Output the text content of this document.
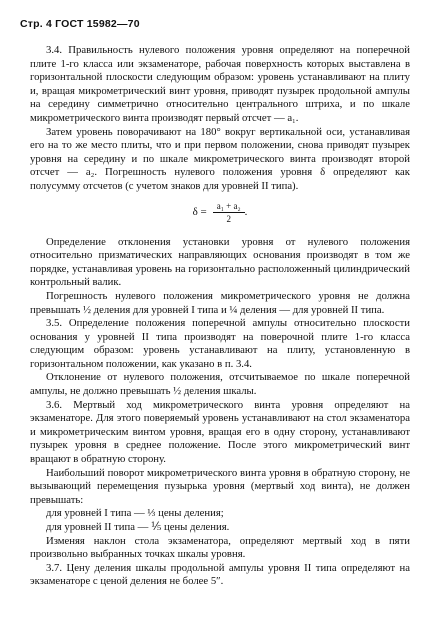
Стр. 4 ГОСТ 15982—70

3.4. Правильность нулевого положения уровня определяют на поперечной плите 1-го класса или экзаменаторе, рабочая поверхность которых выставлена в горизонтальной плоскости следующим образом: уровень устанавливают на плиту и, вращая микрометрический винт уровня, приводят пузырек продольной ампулы на середину симметрично относительно центрального штриха, и по шкале микрометрического винта производят первый отсчет — a₁.

Затем уровень поворачивают на 180° вокруг вертикальной оси, устанавливая его на то же место плиты, что и при первом положении, снова приводят пузырек уровня на середину и по шкале микрометрического винта производят второй отсчет — a₂. Погрешность нулевого положения уровня δ определяют как полусумму отсчетов (с учетом знаков для уровней II типа).

$\delta = \frac{\text{a₁ + a₂}}{2}$ .

Определение отклонения установки уровня от нулевого положения относительно призматических направляющих основания производят в том же порядке, устанавливая уровень на горизонтально расположенный цилиндрический контрольный валик.

Погрешность нулевого положения микрометрического уровня не должна превышать ½ деления для уровней I типа и ¼ деления — для уровней II типа.

3.5. Определение положения поперечной ампулы относительно плоскости основания у уровней II типа производят на поверочной плите 1-го класса следующим образом: уровень устанавливают на плиту, установленную в горизонтальном положении, как указано в п. 3.4.

Отклонение от нулевого положения, отсчитываемое по шкале поперечной ампулы, не должно превышать ½ деления шкалы.

3.6. Мертвый ход микрометрического винта уровня определяют на экзаменаторе. Для этого поверяемый уровень устанавливают на стол экзаменатора и микрометрическим винтом уровня, вращая его в одну сторону, устанавливают пузырек уровня в среднее положение. После этого микрометрический винт вращают в обратную сторону.

Наибольший поворот микрометрического винта уровня в обратную сторону, не вызывающий перемещения пузырька уровня (мертвый ход винта), не должен превышать:

для уровней I типа — ⅓ цены деления;

для уровней II типа — ⅕ цены деления.

Изменяя наклон стола экзаменатора, определяют мертвый ход в пяти произвольно выбранных точках шкалы уровня.

3.7. Цену деления шкалы продольной ампулы уровня II типа определяют на экзаменаторе с ценой деления не более 5″.
